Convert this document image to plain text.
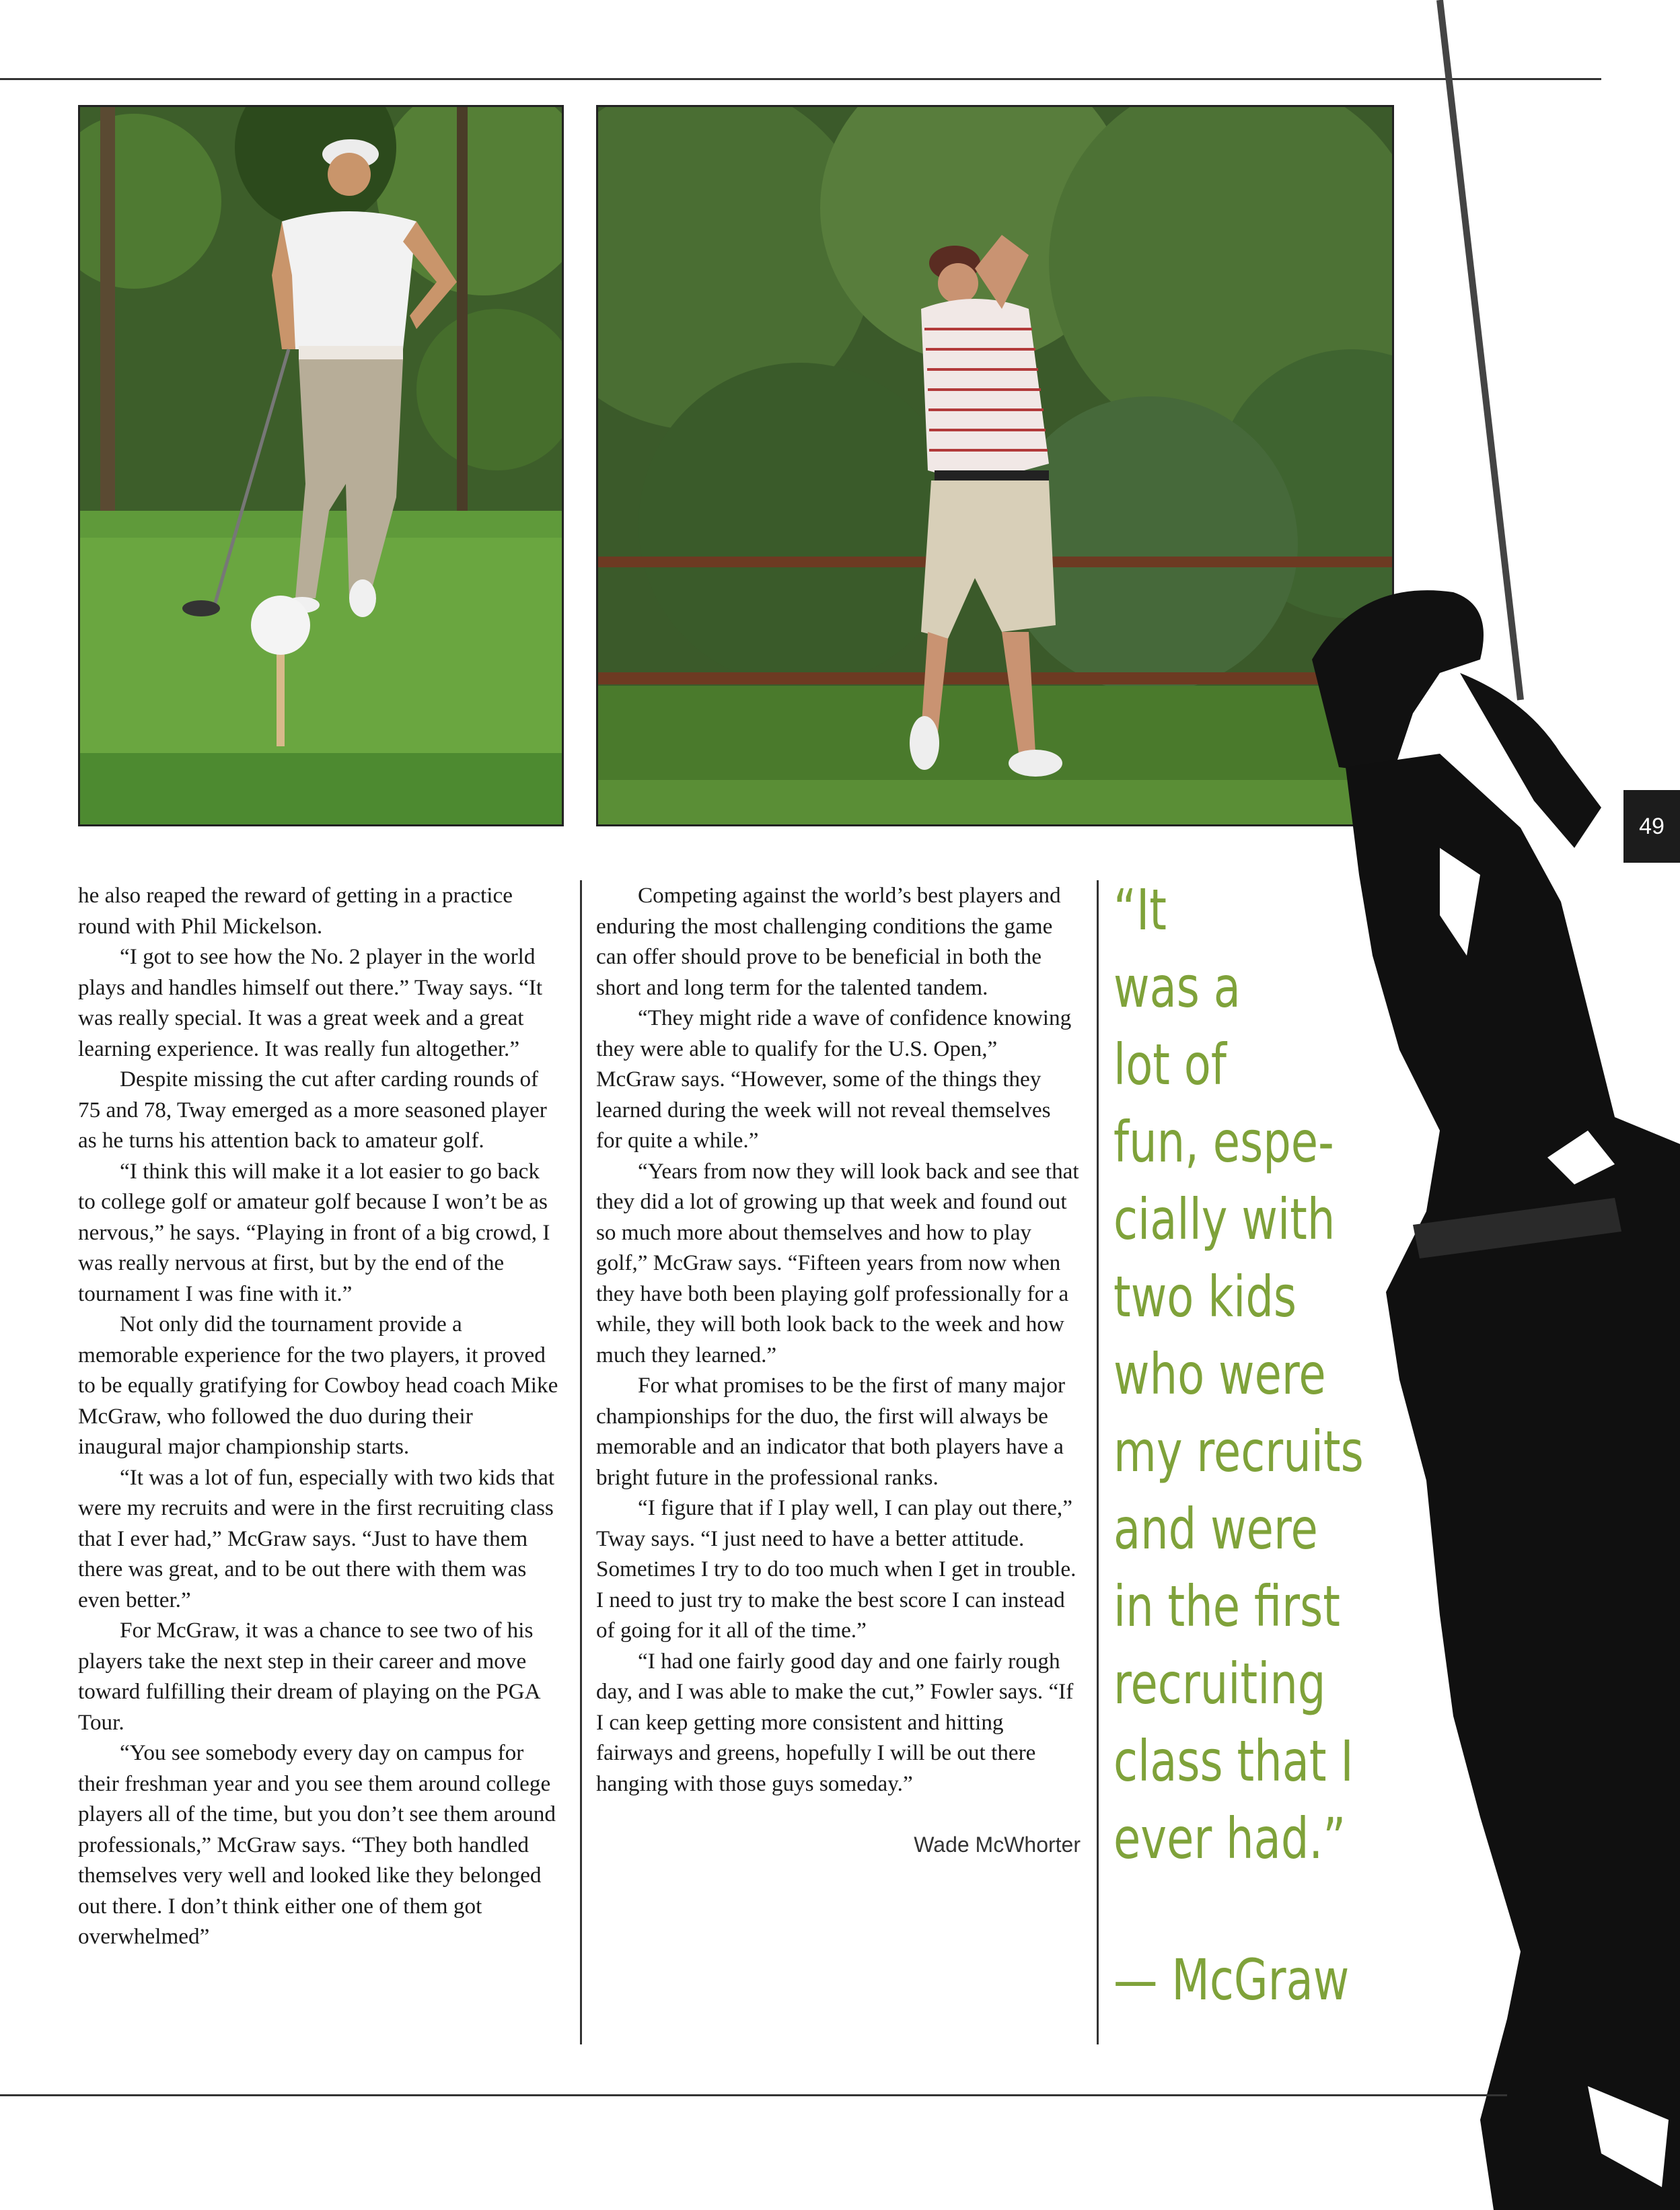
he also reaped the reward of getting in a practice round with Phil Mickelson.

“I got to see how the No. 2 player in the world plays and handles himself out there.” Tway says. “It was really special. It was a great week and a great learning experience. It was really fun altogether.”

Despite missing the cut after carding rounds of 75 and 78, Tway emerged as a more seasoned player as he turns his attention back to amateur golf.

“I think this will make it a lot easier to go back to college golf or amateur golf because I won’t be as nervous,” he says. “Playing in front of a big crowd, I was really nervous at first, but by the end of the tournament I was fine with it.”

Not only did the tournament provide a memorable experience for the two players, it proved to be equally gratifying for Cowboy head coach Mike McGraw, who followed the duo during their inaugural major championship starts.

“It was a lot of fun, especially with two kids that were my recruits and were in the first recruiting class that I ever had,” McGraw says. “Just to have them there was great, and to be out there with them was even better.”

For McGraw, it was a chance to see two of his players take the next step in their career and move toward fulfilling their dream of playing on the PGA Tour.

“You see somebody every day on campus for their freshman year and you see them around college players all of the time, but you don’t see them around professionals,” McGraw says. “They both handled themselves very well and looked like they belonged out there. I don’t think either one of them got overwhelmed”

Competing against the world’s best players and enduring the most challenging conditions the game can offer should prove to be beneficial in both the short and long term for the talented tandem.

“They might ride a wave of confidence knowing they were able to qualify for the U.S. Open,” McGraw says. “However, some of the things they learned during the week will not reveal themselves for quite a while.”

“Years from now they will look back and see that they did a lot of growing up that week and found out so much more about themselves and how to play golf,” McGraw says. “Fifteen years from now when they have both been playing golf professionally for a while, they will both look back to the week and how much they learned.”

For what promises to be the first of many major championships for the duo, the first will always be memorable and an indicator that both players have a bright future in the professional ranks.

“I figure that if I play well, I can play out there,” Tway says. “I just need to have a better attitude. Sometimes I try to do too much when I get in trouble. I need to just try to make the best score I can instead of going for it all of the time.”

“I had one fairly good day and one fairly rough day, and I was able to make the cut,” Fowler says. “If I can keep getting more consistent and hitting fairways and greens, hopefully I will be out there hanging with those guys someday.”

Wade McWhorter
“It
was a
lot of
fun, espe-
cially with
two kids
who were
my recruits
and were
in the first
recruiting
class that I
ever had.”
— McGraw
49
